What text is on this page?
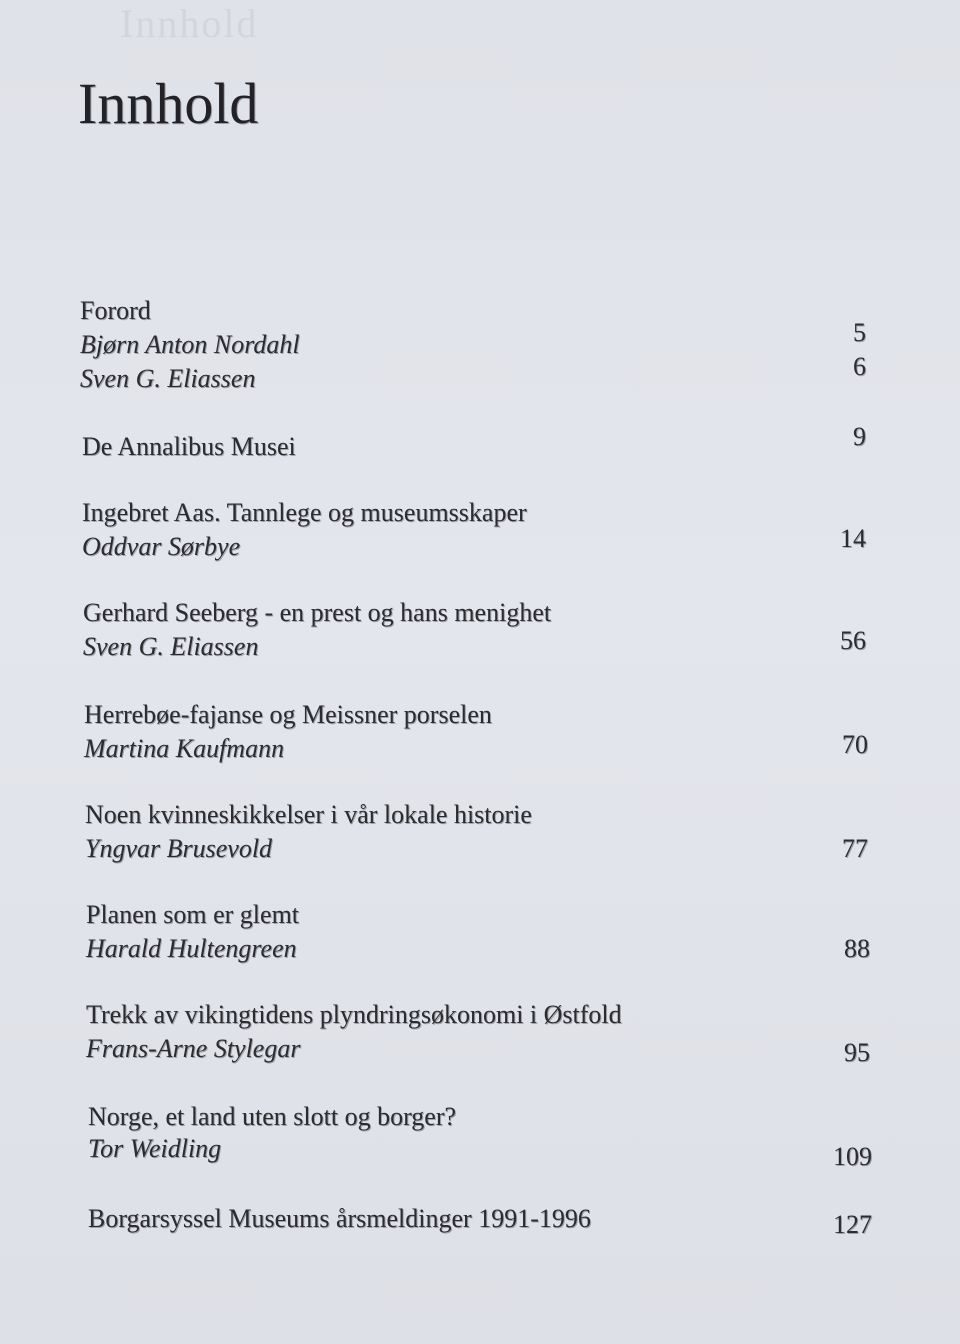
Innhold
Innhold
Forord
Bjørn Anton Nordahl	5
Sven G. Eliassen	6
De Annalibus Musei	9
Ingebret Aas. Tannlege og museumsskaper
Oddvar Sørbye	14
Gerhard Seeberg - en prest og hans menighet
Sven G. Eliassen	56
Herrebøe-fajanse og Meissner porselen
Martina Kaufmann	70
Noen kvinneskikkelser i vår lokale historie
Yngvar Brusevold	77
Planen som er glemt
Harald Hultengreen	88
Trekk av vikingtidens plyndringsøkonomi i Østfold
Frans-Arne Stylegar	95
Norge, et land uten slott og borger?
Tor Weidling	109
Borgarsyssel Museums årsmeldinger 1991-1996	127
